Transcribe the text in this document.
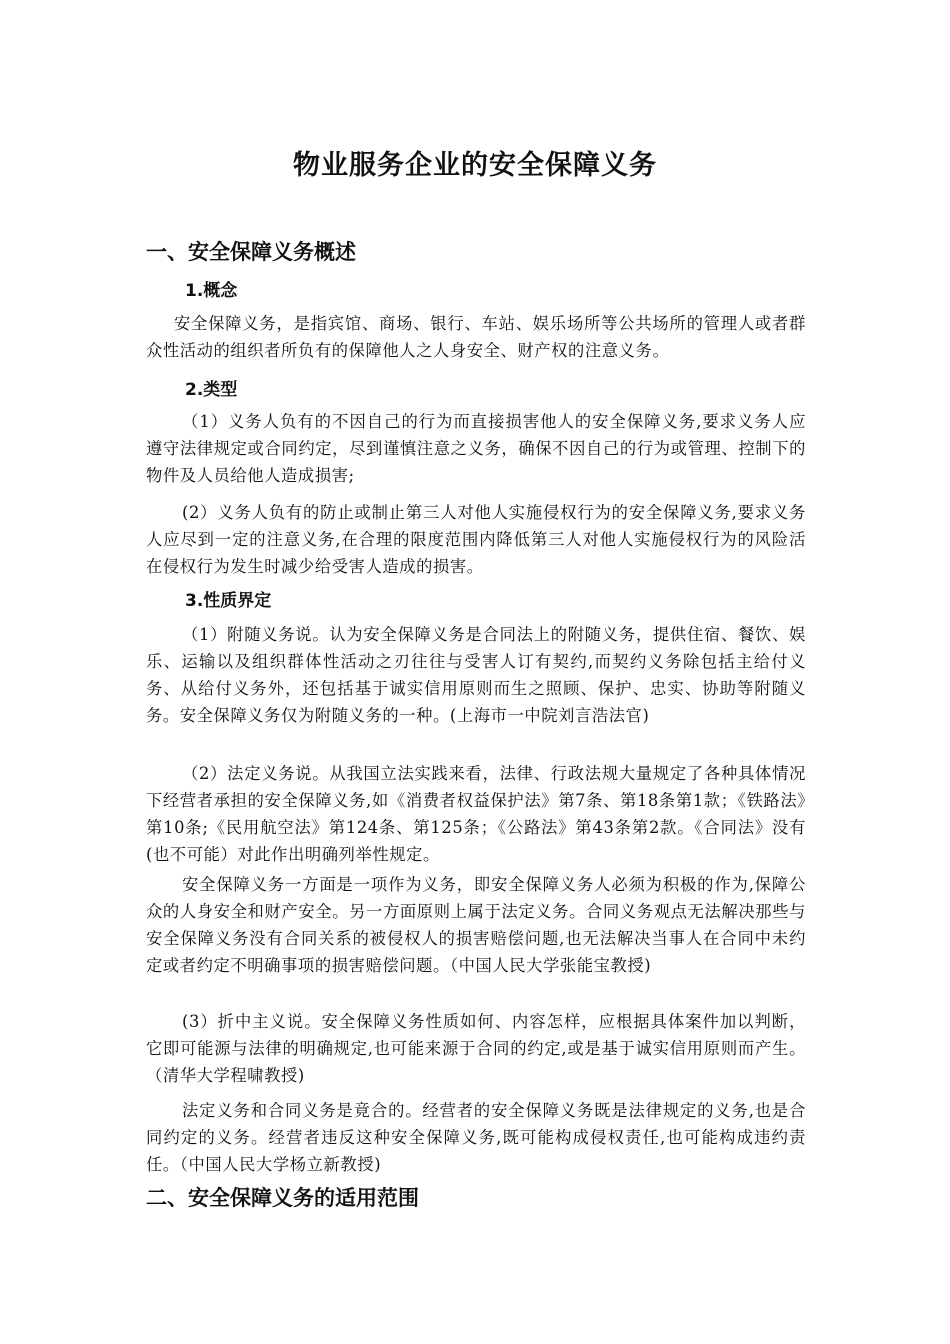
物业服务企业的安全保障义务
一、安全保障义务概述
1.概念
安全保障义务，是指宾馆、商场、银行、车站、娱乐场所等公共场所的管理人或者群众性活动的组织者所负有的保障他人之人身安全、财产权的注意义务。
2.类型
（1）义务人负有的不因自己的行为而直接损害他人的安全保障义务,要求义务人应遵守法律规定或合同约定，尽到谨慎注意之义务，确保不因自己的行为或管理、控制下的物件及人员给他人造成损害;
(2）义务人负有的防止或制止第三人对他人实施侵权行为的安全保障义务,要求义务人应尽到一定的注意义务,在合理的限度范围内降低第三人对他人实施侵权行为的风险活在侵权行为发生时减少给受害人造成的损害。
3.性质界定
（1）附随义务说。认为安全保障义务是合同法上的附随义务，提供住宿、餐饮、娱乐、运输以及组织群体性活动之刃往往与受害人订有契约,而契约义务除包括主给付义务、从给付义务外，还包括基于诚实信用原则而生之照顾、保护、忠实、协助等附随义务。安全保障义务仅为附随义务的一种。(上海市一中院刘言浩法官)
（2）法定义务说。从我国立法实践来看，法律、行政法规大量规定了各种具体情况下经营者承担的安全保障义务,如《消费者权益保护法》第7条、第18条第1款；《铁路法》第10条;《民用航空法》第124条、第125条；《公路法》第43条第2款。《合同法》没有(也不可能）对此作出明确列举性规定。
安全保障义务一方面是一项作为义务，即安全保障义务人必须为积极的作为,保障公众的人身安全和财产安全。另一方面原则上属于法定义务。合同义务观点无法解决那些与安全保障义务没有合同关系的被侵权人的损害赔偿问题,也无法解决当事人在合同中未约定或者约定不明确事项的损害赔偿问题。（中国人民大学张能宝教授)
(3）折中主义说。安全保障义务性质如何、内容怎样，应根据具体案件加以判断，它即可能源与法律的明确规定,也可能来源于合同的约定,或是基于诚实信用原则而产生。（清华大学程啸教授)
法定义务和合同义务是竟合的。经营者的安全保障义务既是法律规定的义务,也是合同约定的义务。经营者违反这种安全保障义务,既可能构成侵权责任,也可能构成违约责任。（中国人民大学杨立新教授)
二、安全保障义务的适用范围
